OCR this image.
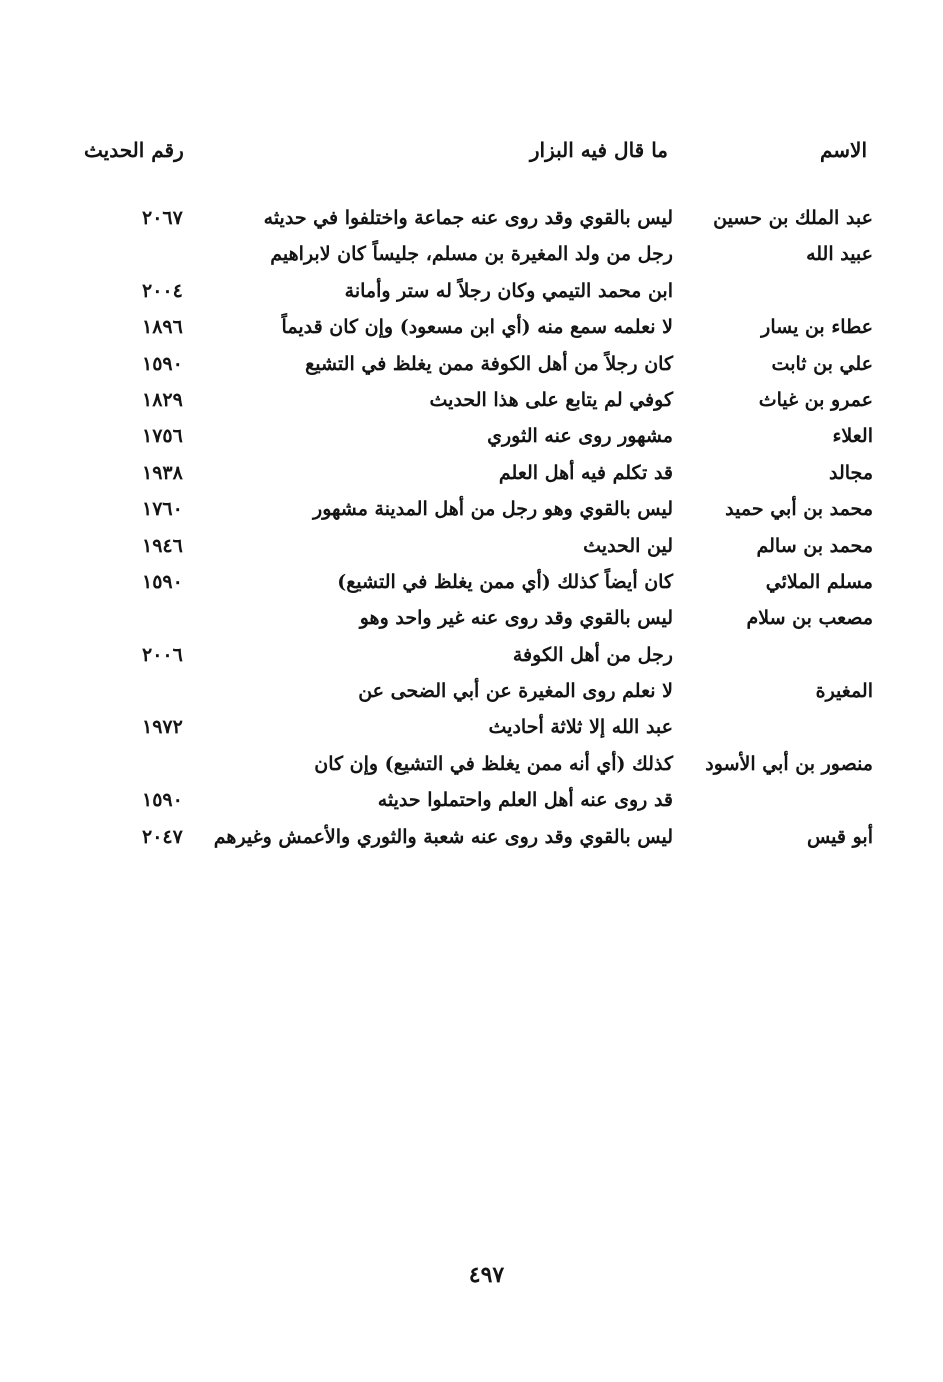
الاسم
ما قال فيه البزار
رقم الحديث
عبد الملك بن حسين
ليس بالقوي وقد روى عنه جماعة واختلفوا في حديثه
٢٠٦٧
عبيد الله
رجل من ولد المغيرة بن مسلم، جليساً كان لابراهيم
ابن محمد التيمي وكان رجلاً له ستر وأمانة
٢٠٠٤
عطاء بن يسار
لا نعلمه سمع منه (أي ابن مسعود) وإن كان قديماً
١٨٩٦
علي بن ثابت
كان رجلاً من أهل الكوفة ممن يغلظ في التشيع
١٥٩٠
عمرو بن غياث
كوفي لم يتابع على هذا الحديث
١٨٢٩
العلاء
مشهور روى عنه الثوري
١٧٥٦
مجالد
قد تكلم فيه أهل العلم
١٩٣٨
محمد بن أبي حميد
ليس بالقوي وهو رجل من أهل المدينة مشهور
١٧٦٠
محمد بن سالم
لين الحديث
١٩٤٦
مسلم الملائي
كان أيضاً كذلك (أي ممن يغلظ في التشيع)
١٥٩٠
مصعب بن سلام
ليس بالقوي وقد روى عنه غير واحد وهو
رجل من أهل الكوفة
٢٠٠٦
المغيرة
لا نعلم روى المغيرة عن أبي الضحى عن
عبد الله إلا ثلاثة أحاديث
١٩٧٢
منصور بن أبي الأسود
كذلك (أي أنه ممن يغلظ في التشيع) وإن كان
قد روى عنه أهل العلم واحتملوا حديثه
١٥٩٠
أبو قيس
ليس بالقوي وقد روى عنه شعبة والثوري والأعمش وغيرهم
٢٠٤٧
٤٩٧
